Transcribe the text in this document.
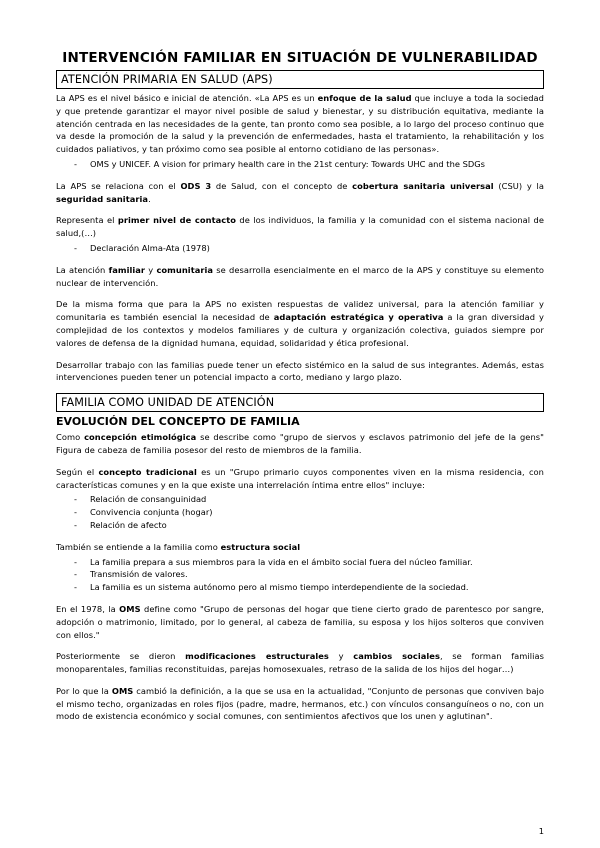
INTERVENCIÓN FAMILIAR EN SITUACIÓN DE VULNERABILIDAD
ATENCIÓN PRIMARIA EN SALUD (APS)

La APS es el nivel básico e inicial de atención. «La APS es un enfoque de la salud que incluye a toda la sociedad y que pretende garantizar el mayor nivel posible de salud y bienestar, y su distribución equitativa, mediante la atención centrada en las necesidades de la gente, tan pronto como sea posible, a lo largo del proceso continuo que va desde la promoción de la salud y la prevención de enfermedades, hasta el tratamiento, la rehabilitación y los cuidados paliativos, y tan próximo como sea posible al entorno cotidiano de las personas».

- OMS y UNICEF. A vision for primary health care in the 21st century: Towards UHC and the SDGs

La APS se relaciona con el ODS 3 de Salud, con el concepto de cobertura sanitaria universal (CSU) y la seguridad sanitaria.

Representa el primer nivel de contacto de los individuos, la familia y la comunidad con el sistema nacional de salud,(…)

- Declaración Alma-Ata (1978)

La atención familiar y comunitaria se desarrolla esencialmente en el marco de la APS y constituye su elemento nuclear de intervención.

De la misma forma que para la APS no existen respuestas de validez universal, para la atención familiar y comunitaria es también esencial la necesidad de adaptación estratégica y operativa a la gran diversidad y complejidad de los contextos y modelos familiares y de cultura y organización colectiva, guiados siempre por valores de defensa de la dignidad humana, equidad, solidaridad y ética profesional.

Desarrollar trabajo con las familias puede tener un efecto sistémico en la salud de sus integrantes. Además, estas intervenciones pueden tener un potencial impacto a corto, mediano y largo plazo.

FAMILIA COMO UNIDAD DE ATENCIÓN
EVOLUCIÓN DEL CONCEPTO DE FAMILIA

Como concepción etimológica se describe como "grupo de siervos y esclavos patrimonio del jefe de la gens" Figura de cabeza de familia posesor del resto de miembros de la familia.

Según el concepto tradicional es un "Grupo primario cuyos componentes viven en la misma residencia, con características comunes y en la que existe una interrelación íntima entre ellos" incluye:

- Relación de consanguinidad
- Convivencia conjunta (hogar)
- Relación de afecto

También se entiende a la familia como estructura social

- La familia prepara a sus miembros para la vida en el ámbito social fuera del núcleo familiar.
- Transmisión de valores.
- La familia es un sistema autónomo pero al mismo tiempo interdependiente de la sociedad.

En el 1978, la OMS define como "Grupo de personas del hogar que tiene cierto grado de parentesco por sangre, adopción o matrimonio, limitado, por lo general, al cabeza de familia, su esposa y los hijos solteros que conviven con ellos."

Posteriormente se dieron modificaciones estructurales y cambios sociales, se forman familias monoparentales, familias reconstituidas, parejas homosexuales, retraso de la salida de los hijos del hogar…)

Por lo que la OMS cambió la definición, a la que se usa en la actualidad, "Conjunto de personas que conviven bajo el mismo techo, organizadas en roles fijos (padre, madre, hermanos, etc.) con vínculos consanguíneos o no, con un modo de existencia económico y social comunes, con sentimientos afectivos que los unen y aglutinan".

1
